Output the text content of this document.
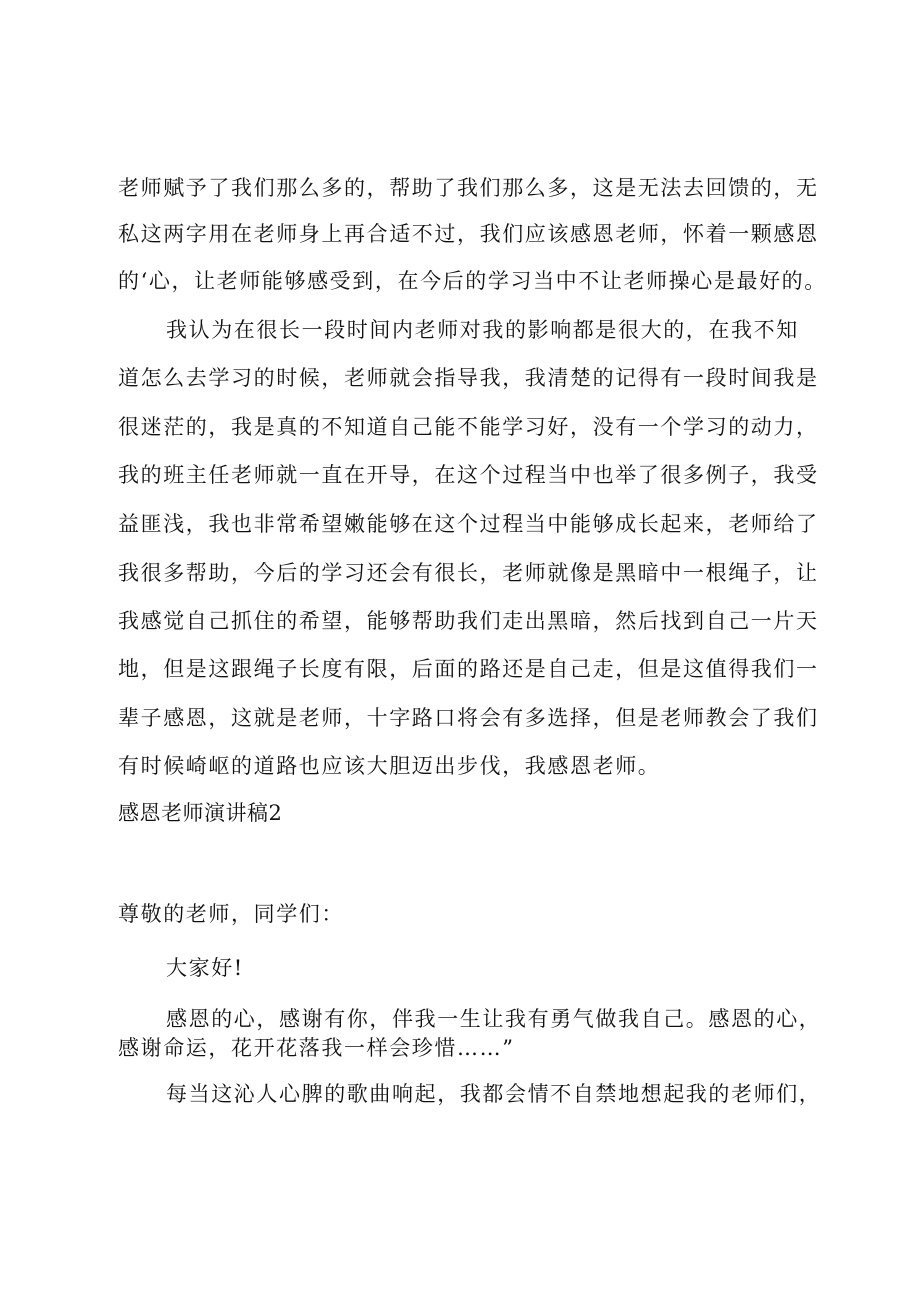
老师赋予了我们那么多的，帮助了我们那么多，这是无法去回馈的，无
私这两字用在老师身上再合适不过，我们应该感恩老师，怀着一颗感恩
的‘心，让老师能够感受到，在今后的学习当中不让老师操心是最好的。
我认为在很长一段时间内老师对我的影响都是很大的，在我不知
道怎么去学习的时候，老师就会指导我，我清楚的记得有一段时间我是
很迷茫的，我是真的不知道自己能不能学习好，没有一个学习的动力，
我的班主任老师就一直在开导，在这个过程当中也举了很多例子，我受
益匪浅，我也非常希望嫩能够在这个过程当中能够成长起来，老师给了
我很多帮助，今后的学习还会有很长，老师就像是黑暗中一根绳子，让
我感觉自己抓住的希望，能够帮助我们走出黑暗，然后找到自己一片天
地，但是这跟绳子长度有限，后面的路还是自己走，但是这值得我们一
辈子感恩，这就是老师，十字路口将会有多选择，但是老师教会了我们
有时候崎岖的道路也应该大胆迈出步伐，我感恩老师。
感恩老师演讲稿2
尊敬的老师，同学们：
大家好!
感恩的心，感谢有你，伴我一生让我有勇气做我自己。感恩的心，
感谢命运，花开花落我一样会珍惜……”
每当这沁人心脾的歌曲响起，我都会情不自禁地想起我的老师们，
